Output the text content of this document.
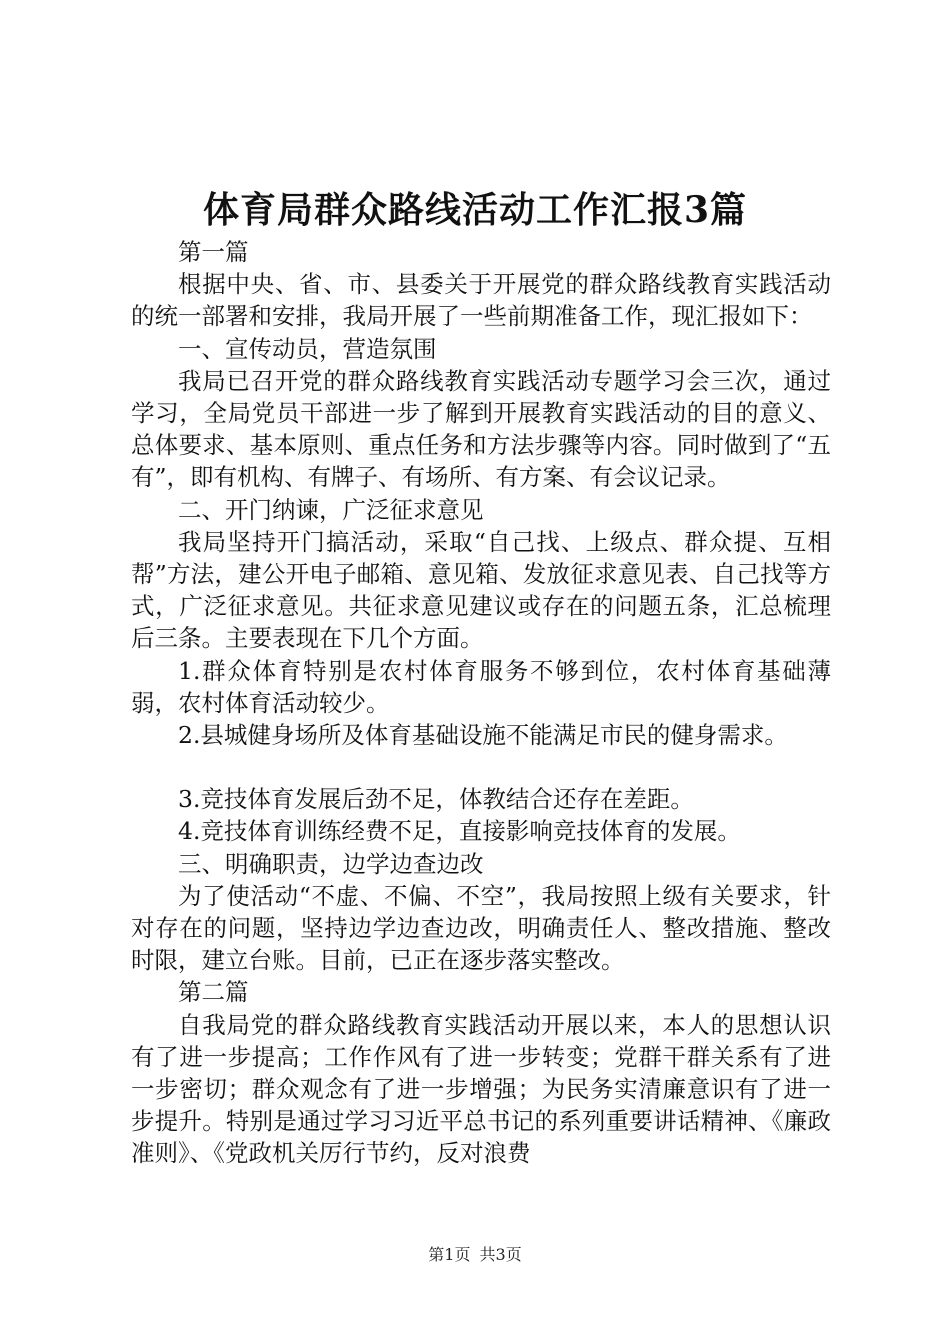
体育局群众路线活动工作汇报3篇

第一篇

根据中央、省、市、县委关于开展党的群众路线教育实践活动的统一部署和安排，我局开展了一些前期准备工作，现汇报如下：

一、宣传动员，营造氛围

我局已召开党的群众路线教育实践活动专题学习会三次，通过学习，全局党员干部进一步了解到开展教育实践活动的目的意义、总体要求、基本原则、重点任务和方法步骤等内容。同时做到了“五有”，即有机构、有牌子、有场所、有方案、有会议记录。

二、开门纳谏，广泛征求意见

我局坚持开门搞活动，采取“自己找、上级点、群众提、互相帮”方法，建公开电子邮箱、意见箱、发放征求意见表、自己找等方式，广泛征求意见。共征求意见建议或存在的问题五条，汇总梳理后三条。主要表现在下几个方面。

1.群众体育特别是农村体育服务不够到位，农村体育基础薄弱，农村体育活动较少。

2.县城健身场所及体育基础设施不能满足市民的健身需求。

3.竞技体育发展后劲不足，体教结合还存在差距。

4.竞技体育训练经费不足，直接影响竞技体育的发展。

三、明确职责，边学边查边改

为了使活动“不虚、不偏、不空”，我局按照上级有关要求，针对存在的问题，坚持边学边查边改，明确责任人、整改措施、整改时限，建立台账。目前，已正在逐步落实整改。

第二篇

自我局党的群众路线教育实践活动开展以来，本人的思想认识有了进一步提高；工作作风有了进一步转变；党群干群关系有了进一步密切；群众观念有了进一步增强；为民务实清廉意识有了进一步提升。特别是通过学习习近平总书记的系列重要讲话精神、《廉政准则》、《党政机关厉行节约，反对浪费

第1页 共3页
